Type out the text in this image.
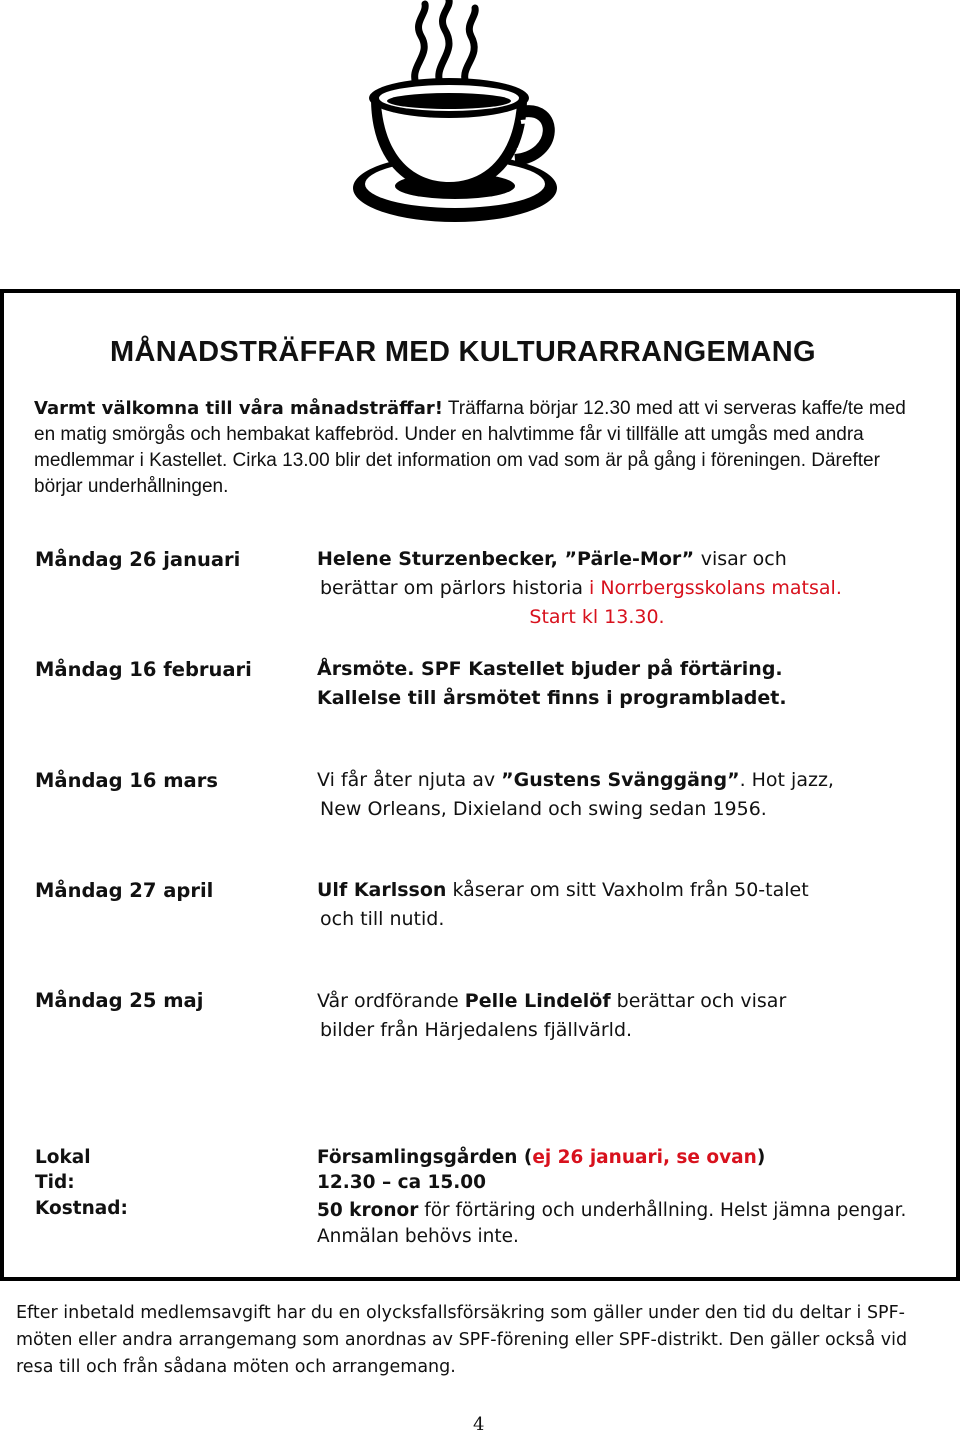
MÅNADSTRÄFFAR MED KULTURARRANGEMANG
Varmt välkomna till våra månadsträffar! Träffarna börjar 12.30 med att vi serveras kaffe/te med en matig smörgås och hembakat kaffebröd. Under en halvtimme får vi tillfälle att umgås med andra medlemmar i Kastellet. Cirka 13.00 blir det information om vad som är på gång i föreningen. Därefter börjar underhållningen.
Måndag 26 januari	Helene Sturzenbecker, ”Pärle-Mor” visar och
berättar om pärlors historia i Norrbergsskolans matsal.
Start kl 13.30.
Måndag 16 februari	Årsmöte. SPF Kastellet bjuder på förtäring.
Kallelse till årsmötet finns i programbladet.
Måndag 16 mars	Vi får åter njuta av ”Gustens Svänggäng”. Hot jazz,
New Orleans, Dixieland och swing sedan 1956.
Måndag 27 april	Ulf Karlsson kåserar om sitt Vaxholm från 50-talet
och till nutid.
Måndag 25 maj	Vår ordförande Pelle Lindelöf berättar och visar
bilder från Härjedalens fjällvärld.
Lokal	Församlingsgården (ej 26 januari, se ovan)
Tid:	12.30 – ca 15.00
Kostnad:	50 kronor för förtäring och underhållning. Helst jämna pengar.
Anmälan behövs inte.
Efter inbetald medlemsavgift har du en olycksfallsförsäkring som gäller under den tid du deltar i SPF-möten eller andra arrangemang som anordnas av SPF-förening eller SPF-distrikt. Den gäller också vid resa till och från sådana möten och arrangemang.
4
